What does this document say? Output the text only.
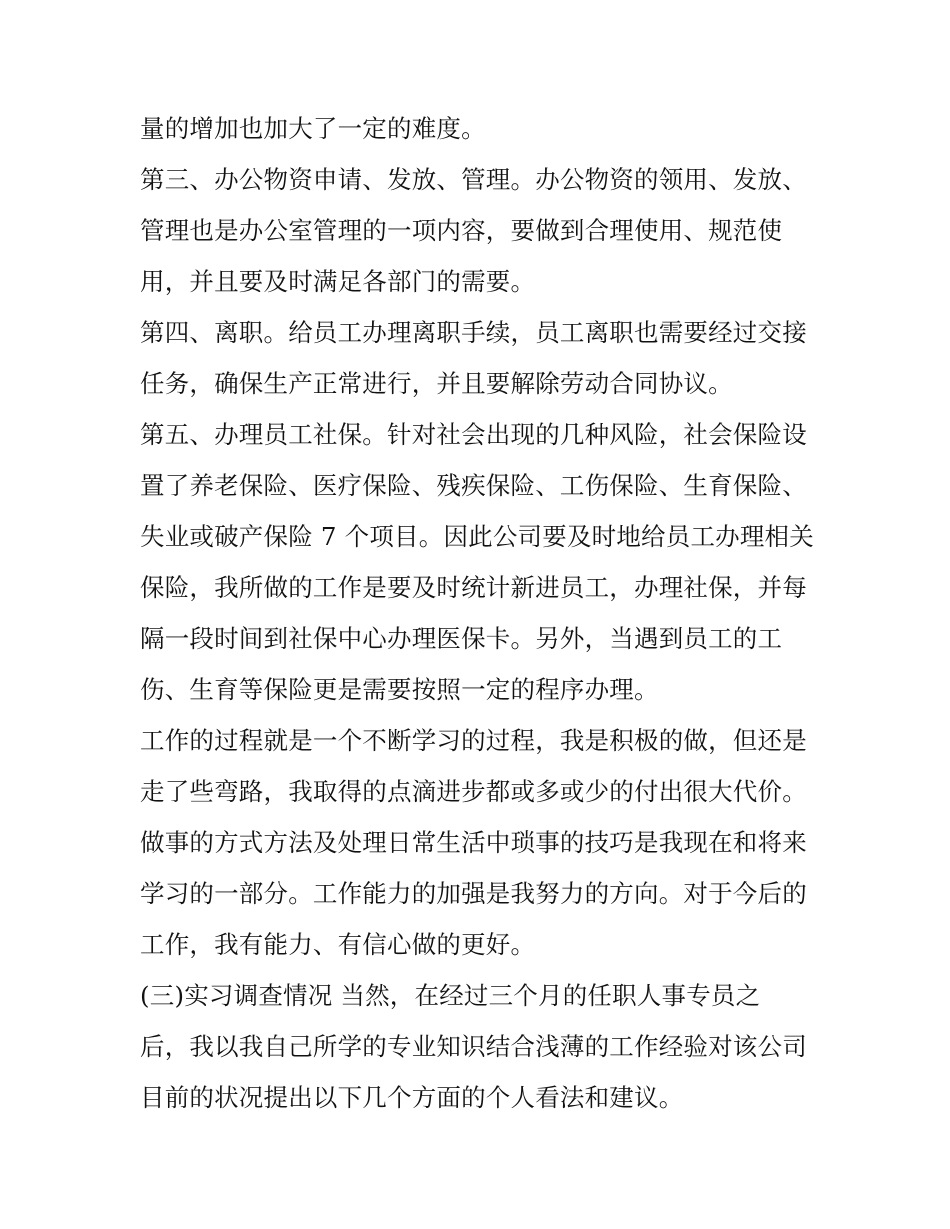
量的增加也加大了一定的难度。
第三、办公物资申请、发放、管理。办公物资的领用、发放、
管理也是办公室管理的一项内容，要做到合理使用、规范使
用，并且要及时满足各部门的需要。
第四、离职。给员工办理离职手续，员工离职也需要经过交接
任务，确保生产正常进行，并且要解除劳动合同协议。
第五、办理员工社保。针对社会出现的几种风险，社会保险设
置了养老保险、医疗保险、残疾保险、工伤保险、生育保险、
失业或破产保险 7 个项目。因此公司要及时地给员工办理相关
保险，我所做的工作是要及时统计新进员工，办理社保，并每
隔一段时间到社保中心办理医保卡。另外，当遇到员工的工
伤、生育等保险更是需要按照一定的程序办理。
工作的过程就是一个不断学习的过程，我是积极的做，但还是
走了些弯路，我取得的点滴进步都或多或少的付出很大代价。
做事的方式方法及处理日常生活中琐事的技巧是我现在和将来
学习的一部分。工作能力的加强是我努力的方向。对于今后的
工作，我有能力、有信心做的更好。
(三)实习调查情况 当然，在经过三个月的任职人事专员之
后，我以我自己所学的专业知识结合浅薄的工作经验对该公司
目前的状况提出以下几个方面的个人看法和建议。
